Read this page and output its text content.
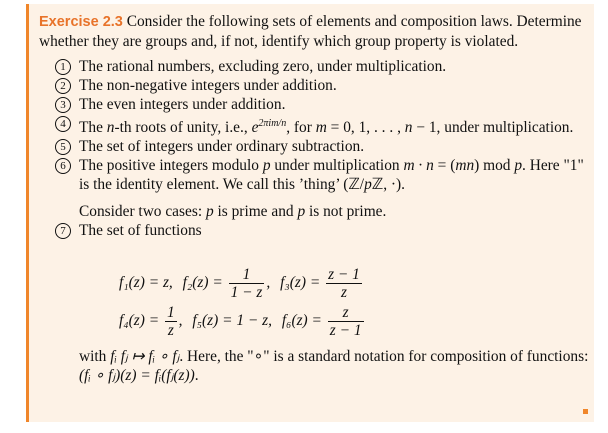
Exercise 2.3 Consider the following sets of elements and composition laws. Determine whether they are groups and, if not, identify which group property is violated.

1 The rational numbers, excluding zero, under multiplication.

2 The non-negative integers under addition.

3 The even integers under addition.

4 The n-th roots of unity, i.e., $e^{2\pi im/n}$, for m = 0, 1, . . . , n − 1, under multiplication.

5 The set of integers under ordinary subtraction.

6 The positive integers modulo p under multiplication m · n = (mn) mod p. Here "1" is the identity element. We call this ’thing’ (ℤ/pℤ, ·).

Consider two cases: p is prime and p is not prime.

7 The set of functions

f₁(z) = z, $f_2(z) = \frac{1}{1 - z}$ , $f_3(z) = \frac{z - 1}{z}$
$f_4(z) = \frac{1}{z}$ , f₅(z) = 1 − z, $f_6(z) = \frac{z}{z - 1}$
with fᵢ fⱼ ↦ fᵢ ∘ fⱼ. Here, the "∘" is a standard notation for composition of functions: (fᵢ ∘ fⱼ)(z) = fᵢ(fⱼ(z)).
